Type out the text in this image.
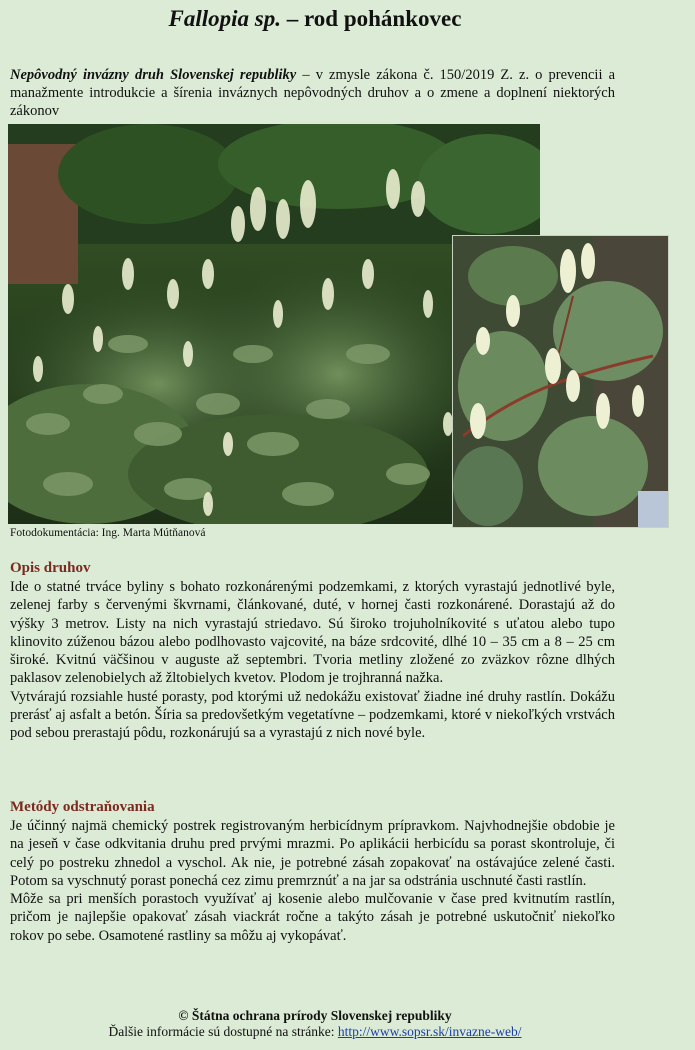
Fallopia sp. – rod pohánkovec
Nepôvodný invázny druh Slovenskej republiky – v zmysle zákona č. 150/2019 Z. z. o prevencii a manažmente introdukcie a šírenia inváznych nepôvodných druhov a o zmene a doplnení niektorých zákonov
Fotodokumentácia: Ing. Marta Mútňanová
Opis druhov

Ide o statné trváce byliny s bohato rozkonárenými podzemkami, z ktorých vyrastajú jednotlivé byle, zelenej farby s červenými škvrnami, článkované, duté, v hornej časti rozkonárené. Dorastajú až do výšky 3 metrov. Listy na nich vyrastajú striedavo. Sú široko trojuholníkovité s uťatou alebo tupo klinovito zúženou bázou alebo podlhovasto vajcovité, na báze srdcovité, dlhé 10 – 35 cm a 8 – 25 cm široké. Kvitnú väčšinou v auguste až septembri. Tvoria metliny zložené zo zväzkov rôzne dlhých paklasov zelenobielych až žltobielych kvetov. Plodom je trojhranná nažka.

Vytvárajú rozsiahle husté porasty, pod ktorými už nedokážu existovať žiadne iné druhy rastlín. Dokážu prerásť aj asfalt a betón. Šíria sa predovšetkým vegetatívne – podzemkami, ktoré v niekoľkých vrstvách pod sebou prerastajú pôdu, rozkonárujú sa a vyrastajú z nich nové byle.

Metódy odstraňovania

Je účinný najmä chemický postrek registrovaným herbicídnym prípravkom. Najvhodnejšie obdobie je na jeseň v čase odkvitania druhu pred prvými mrazmi. Po aplikácii herbicídu sa porast skontroluje, či celý po postreku zhnedol a vyschol. Ak nie, je potrebné zásah zopakovať na ostávajúce zelené časti. Potom sa vyschnutý porast ponechá cez zimu premrznúť a na jar sa odstránia uschnuté časti rastlín.

Môže sa pri menších porastoch využívať aj kosenie alebo mulčovanie v čase pred kvitnutím rastlín, pričom je najlepšie opakovať zásah viackrát ročne a takýto zásah je potrebné uskutočniť niekoľko rokov po sebe. Osamotené rastliny sa môžu aj vykopávať.

© Štátna ochrana prírody Slovenskej republiky
Ďalšie informácie sú dostupné na stránke: http://www.sopsr.sk/invazne-web/
